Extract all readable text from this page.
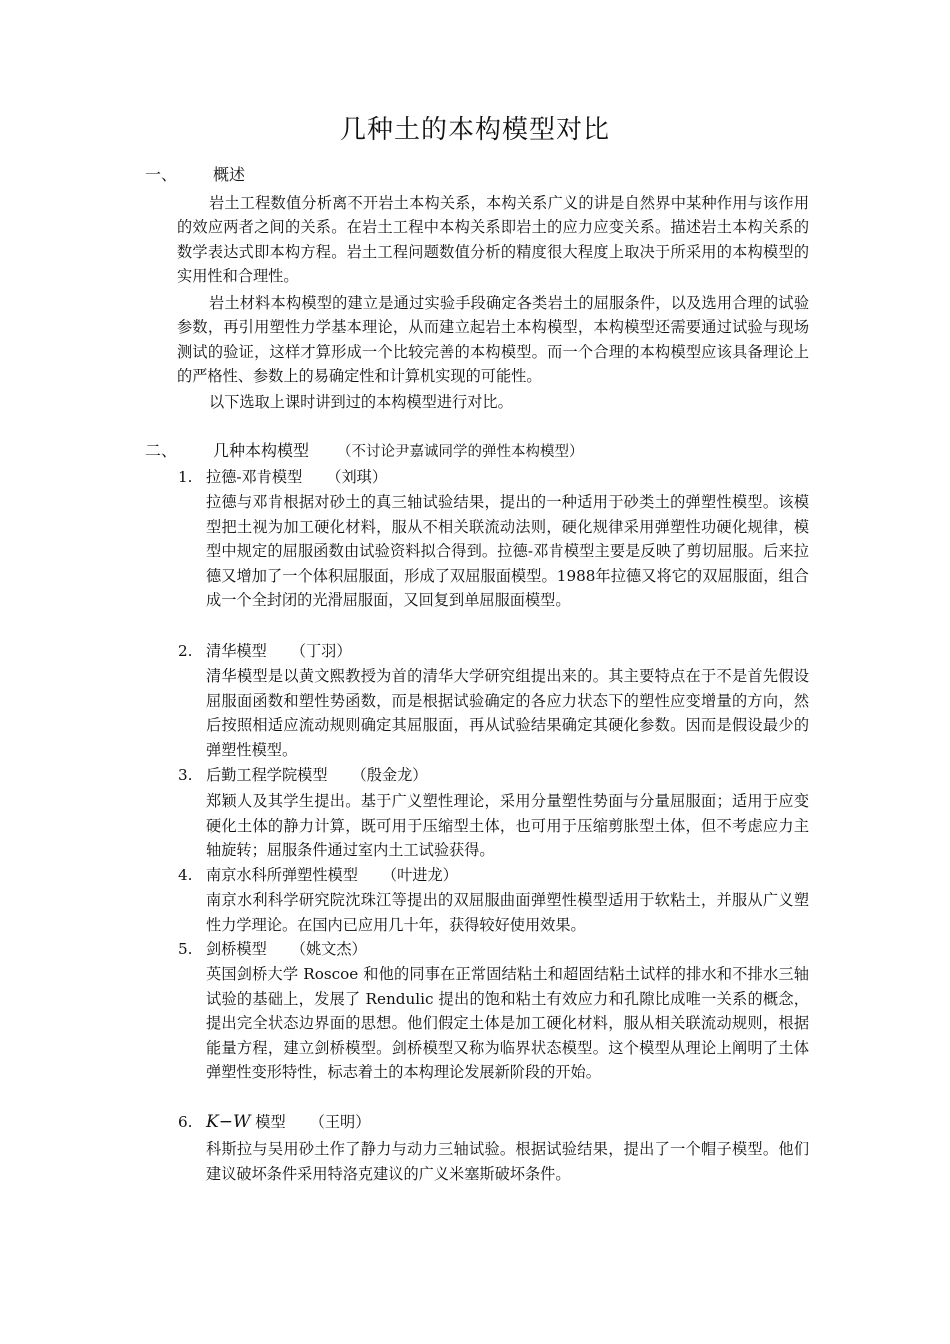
几种土的本构模型对比
一、 概述

岩土工程数值分析离不开岩土本构关系，本构关系广义的讲是自然界中某种作用与该作用的效应两者之间的关系。在岩土工程中本构关系即岩土的应力应变关系。描述岩土本构关系的数学表达式即本构方程。岩土工程问题数值分析的精度很大程度上取决于所采用的本构模型的实用性和合理性。

岩土材料本构模型的建立是通过实验手段确定各类岩土的屈服条件，以及选用合理的试验参数，再引用塑性力学基本理论，从而建立起岩土本构模型，本构模型还需要通过试验与现场测试的验证，这样才算形成一个比较完善的本构模型。而一个合理的本构模型应该具备理论上的严格性、参数上的易确定性和计算机实现的可能性。

以下选取上课时讲到过的本构模型进行对比。

二、 几种本构模型 （不讨论尹嘉诚同学的弹性本构模型）
1. 拉德-邓肯模型 （刘琪）

拉德与邓肯根据对砂土的真三轴试验结果，提出的一种适用于砂类土的弹塑性模型。该模型把土视为加工硬化材料，服从不相关联流动法则，硬化规律采用弹塑性功硬化规律，模型中规定的屈服函数由试验资料拟合得到。拉德-邓肯模型主要是反映了剪切屈服。后来拉德又增加了一个体积屈服面，形成了双屈服面模型。1988年拉德又将它的双屈服面，组合成一个全封闭的光滑屈服面，又回复到单屈服面模型。

2. 清华模型 （丁羽）

清华模型是以黄文熙教授为首的清华大学研究组提出来的。其主要特点在于不是首先假设屈服面函数和塑性势函数，而是根据试验确定的各应力状态下的塑性应变增量的方向，然后按照相适应流动规则确定其屈服面，再从试验结果确定其硬化参数。因而是假设最少的弹塑性模型。

3. 后勤工程学院模型 （殷金龙）

郑颖人及其学生提出。基于广义塑性理论，采用分量塑性势面与分量屈服面；适用于应变硬化土体的静力计算，既可用于压缩型土体，也可用于压缩剪胀型土体，但不考虑应力主轴旋转；屈服条件通过室内土工试验获得。

4. 南京水科所弹塑性模型 （叶进龙）

南京水利科学研究院沈珠江等提出的双屈服曲面弹塑性模型适用于软粘土，并服从广义塑性力学理论。在国内已应用几十年，获得较好使用效果。

5. 剑桥模型 （姚文杰）

英国剑桥大学 Roscoe 和他的同事在正常固结粘土和超固结粘土试样的排水和不排水三轴试验的基础上，发展了 Rendulic 提出的饱和粘土有效应力和孔隙比成唯一关系的概念，提出完全状态边界面的思想。他们假定土体是加工硬化材料，服从相关联流动规则，根据能量方程，建立剑桥模型。剑桥模型又称为临界状态模型。这个模型从理论上阐明了土体弹塑性变形特性，标志着土的本构理论发展新阶段的开始。

6. K−W 模型 （王明）

科斯拉与吴用砂土作了静力与动力三轴试验。根据试验结果，提出了一个帽子模型。他们建议破坏条件采用特洛克建议的广义米塞斯破坏条件。
